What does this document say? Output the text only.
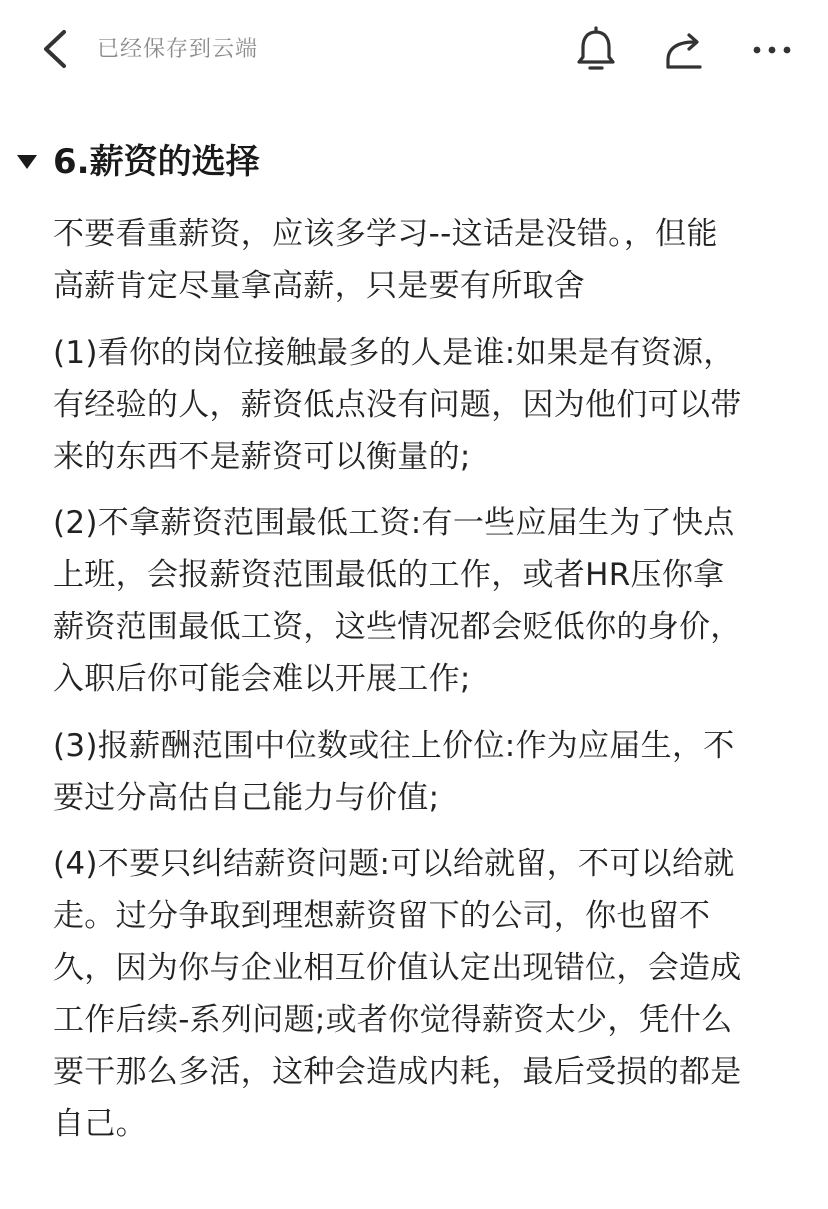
已经保存到云端
6.薪资的选择
不要看重薪资，应该多学习--这话是没错。，但能
高薪肯定尽量拿高薪，只是要有所取舍
(1)看你的岗位接触最多的人是谁:如果是有资源，
有经验的人，薪资低点没有问题，因为他们可以带
来的东西不是薪资可以衡量的;
(2)不拿薪资范围最低工资:有一些应届生为了快点
上班，会报薪资范围最低的工作，或者HR压你拿
薪资范围最低工资，这些情况都会贬低你的身价，
入职后你可能会难以开展工作;
(3)报薪酬范围中位数或往上价位:作为应届生，不
要过分高估自己能力与价值;
(4)不要只纠结薪资问题:可以给就留，不可以给就
走。过分争取到理想薪资留下的公司，你也留不
久，因为你与企业相互价值认定出现错位，会造成
工作后续-系列问题;或者你觉得薪资太少，凭什么
要干那么多活，这种会造成内耗，最后受损的都是
自己。
